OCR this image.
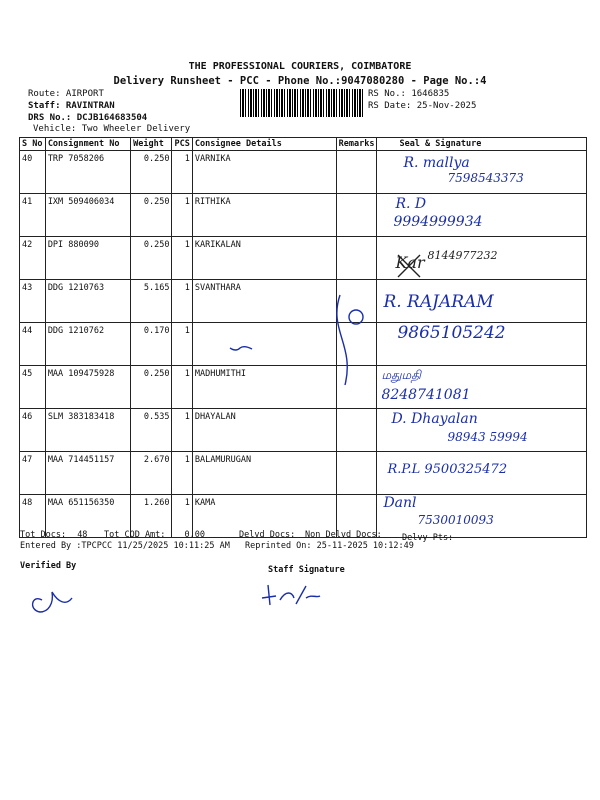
THE PROFESSIONAL COURIERS, COIMBATORE
Delivery Runsheet - PCC - Phone No.:9047080280 - Page No.:4
Route: AIRPORT
Staff: RAVINTRAN
DRS No.: DCJB164683504
Vehicle: Two Wheeler Delivery
RS No.: 1646835
RS Date: 25-Nov-2025
S No	Consignment No	Weight	PCS	Consignee Details	Remarks	Seal & Signature
40	TRP 7058206	0.250	1	VARNIKA		R. mallya
7598543373

41	IXM 509406034	0.250	1	RITHIKA		R. D
9994999934

42	DPI 880090	0.250	1	KARIKALAN		Kar 8144977232

43	DDG 1210763	5.165	1	SVANTHARA		R. RAJARAM

44	DDG 1210762	0.170	1			9865105242

45	MAA 109475928	0.250	1	MADHUMITHI		மதுமதி
8248741081

46	SLM 383183418	0.535	1	DHAYALAN		D. Dhayalan
98943 59994

47	MAA 714451157	2.670	1	BALAMURUGAN		R.P.L 9500325472

48	MAA 651156350	1.260	1	KAMA		Danl
7530010093
Tot Docs: 48 Tot COD Amt: 0.00	Delvd Docs: Non Delvd Docs: Delvy Pts:
Entered By :TPCPCC 11/25/2025 10:11:25 AM Reprinted On: 25-11-2025 10:12:49
Verified By	Staff Signature
